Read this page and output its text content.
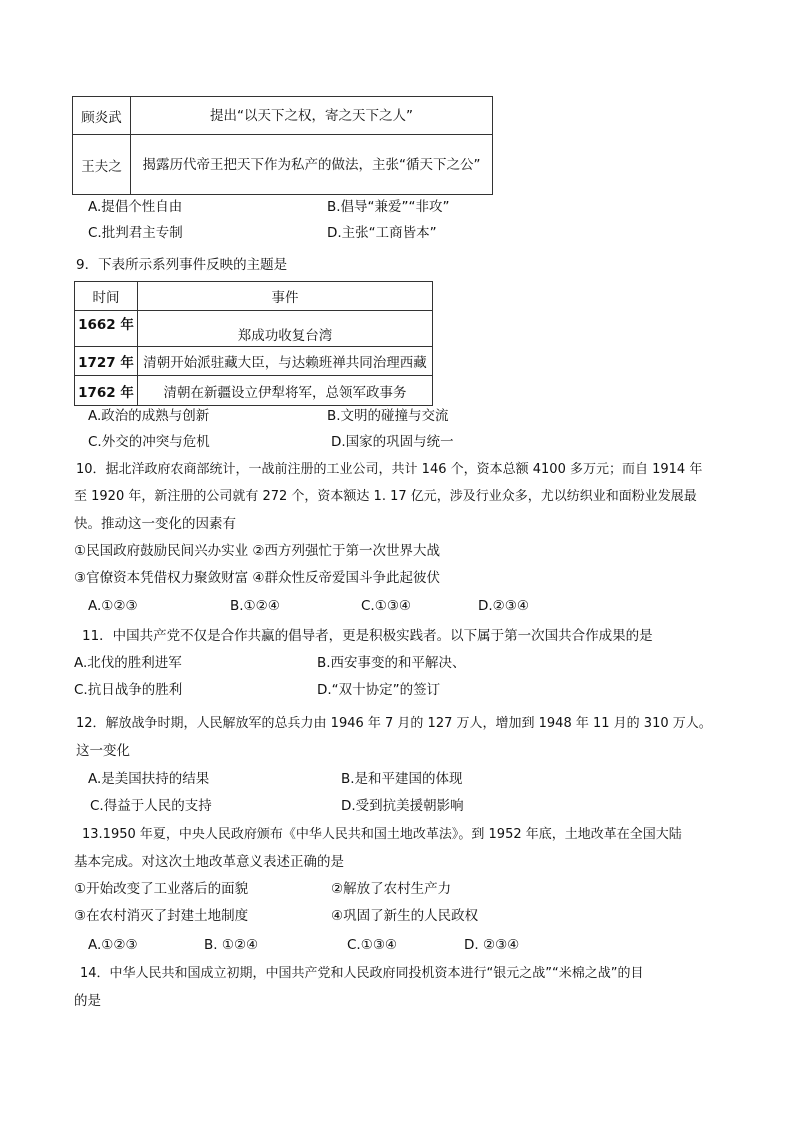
顾炎武	提出“以天下之权，寄之天下之人”
王夫之	揭露历代帝王把天下作为私产的做法，主张“循天下之公”
A.提倡个性自由	B.倡导“兼爱”“非攻”
C.批判君主专制	D.主张“工商皆本”
9．下表所示系列事件反映的主题是
时间	事件
1662 年	郑成功收复台湾
1727 年	清朝开始派驻藏大臣，与达赖班禅共同治理西藏
1762 年	清朝在新疆设立伊犁将军，总领军政事务
A.政治的成熟与创新	B.文明的碰撞与交流
C.外交的冲突与危机	D.国家的巩固与统一
10．据北洋政府农商部统计，一战前注册的工业公司，共计 146 个，资本总额 4100 多万元；而自 1914 年
至 1920 年，新注册的公司就有 272 个，资本额达 1. 17 亿元，涉及行业众多，尤以纺织业和面粉业发展最
快。推动这一变化的因素有
①民国政府鼓励民间兴办实业 ②西方列强忙于第一次世界大战
③官僚资本凭借权力聚敛财富 ④群众性反帝爱国斗争此起彼伏
A.①②③	B.①②④	C.①③④	D.②③④
11．中国共产党不仅是合作共赢的倡导者，更是积极实践者。以下属于第一次国共合作成果的是
A.北伐的胜利进军	B.西安事变的和平解决、
C.抗日战争的胜利	D.“双十协定”的签订
12．解放战争时期，人民解放军的总兵力由 1946 年 7 月的 127 万人，增加到 1948 年 11 月的 310 万人。
这一变化
A.是美国扶持的结果	B.是和平建国的体现
C.得益于人民的支持	D.受到抗美援朝影响
13.1950 年夏，中央人民政府颁布《中华人民共和国土地改革法》。到 1952 年底，土地改革在全国大陆
基本完成。对这次土地改革意义表述正确的是
①开始改变了工业落后的面貌	②解放了农村生产力
③在农村消灭了封建土地制度	④巩固了新生的人民政权
A.①②③	B. ①②④	C.①③④	D. ②③④
14．中华人民共和国成立初期，中国共产党和人民政府同投机资本进行“银元之战”“米棉之战”的目
的是
